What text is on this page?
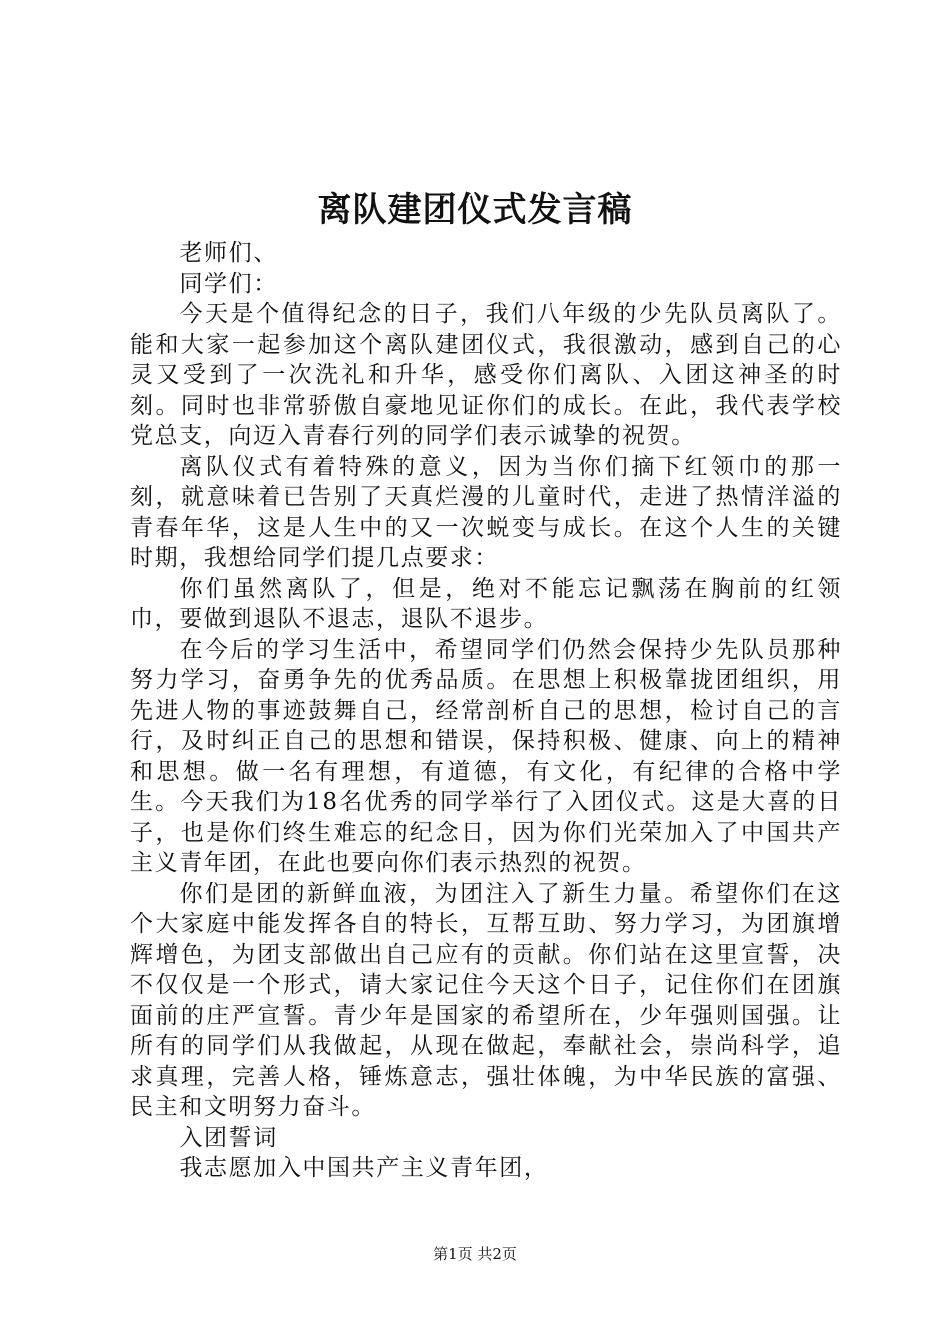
离队建团仪式发言稿

老师们、

同学们：

今天是个值得纪念的日子，我们八年级的少先队员离队了。能和大家一起参加这个离队建团仪式，我很激动，感到自己的心灵又受到了一次洗礼和升华，感受你们离队、入团这神圣的时刻。同时也非常骄傲自豪地见证你们的成长。在此，我代表学校党总支，向迈入青春行列的同学们表示诚挚的祝贺。

离队仪式有着特殊的意义，因为当你们摘下红领巾的那一刻，就意味着已告别了天真烂漫的儿童时代，走进了热情洋溢的青春年华，这是人生中的又一次蜕变与成长。在这个人生的关键时期，我想给同学们提几点要求：

你们虽然离队了，但是，绝对不能忘记飘荡在胸前的红领巾，要做到退队不退志，退队不退步。

在今后的学习生活中，希望同学们仍然会保持少先队员那种努力学习，奋勇争先的优秀品质。在思想上积极靠拢团组织，用先进人物的事迹鼓舞自己，经常剖析自己的思想，检讨自己的言行，及时纠正自己的思想和错误，保持积极、健康、向上的精神和思想。做一名有理想，有道德，有文化，有纪律的合格中学生。今天我们为18名优秀的同学举行了入团仪式。这是大喜的日子，也是你们终生难忘的纪念日，因为你们光荣加入了中国共产主义青年团，在此也要向你们表示热烈的祝贺。

你们是团的新鲜血液，为团注入了新生力量。希望你们在这个大家庭中能发挥各自的特长，互帮互助、努力学习，为团旗增辉增色，为团支部做出自己应有的贡献。你们站在这里宣誓，决不仅仅是一个形式，请大家记住今天这个日子，记住你们在团旗面前的庄严宣誓。青少年是国家的希望所在，少年强则国强。让所有的同学们从我做起，从现在做起，奉献社会，崇尚科学，追求真理，完善人格，锤炼意志，强壮体魄，为中华民族的富强、民主和文明努力奋斗。

入团誓词

我志愿加入中国共产主义青年团，

第1页 共2页
